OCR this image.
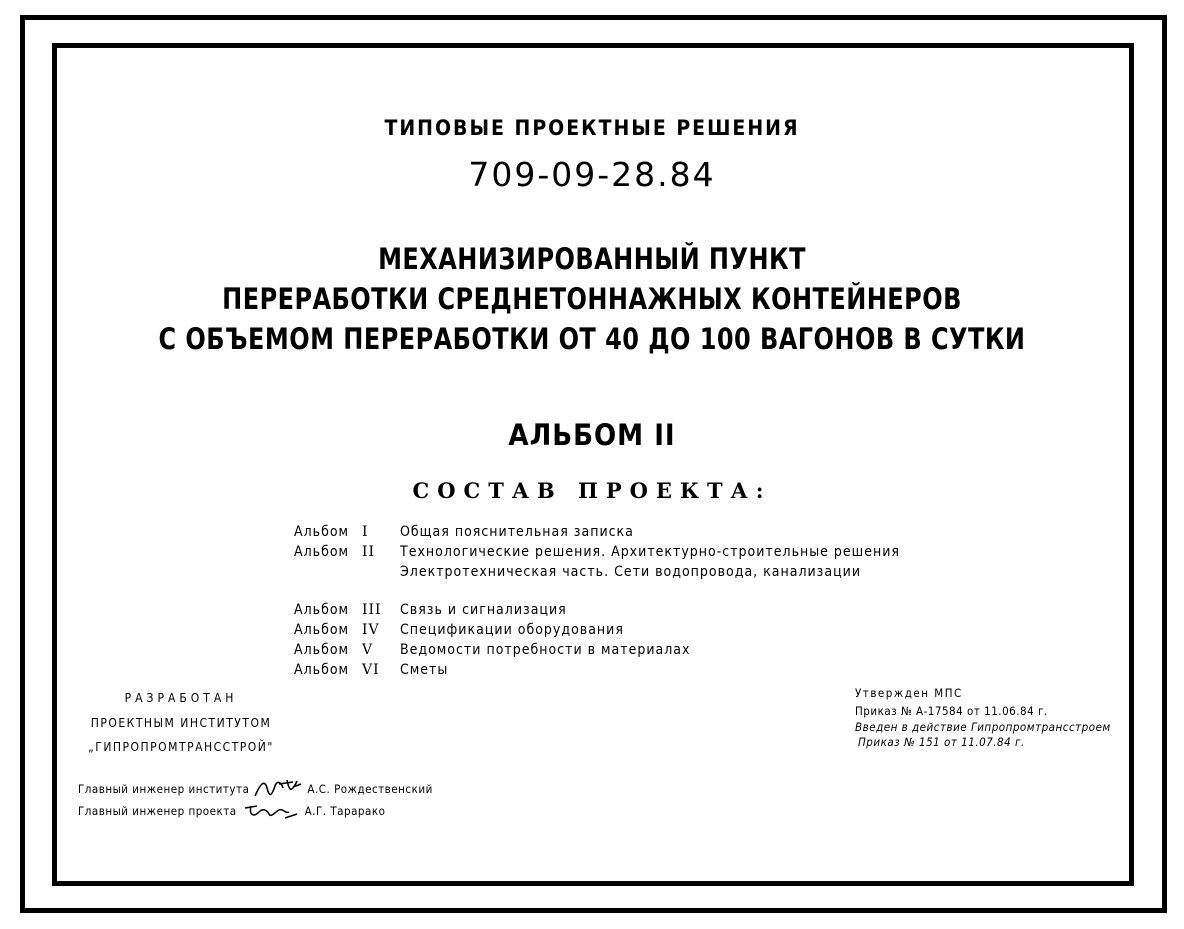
ТИПОВЫЕ ПРОЕКТНЫЕ РЕШЕНИЯ
709-09-28.84
МЕХАНИЗИРОВАННЫЙ ПУНКТ
ПЕРЕРАБОТКИ СРЕДНЕТОННАЖНЫХ КОНТЕЙНЕРОВ
С ОБЪЕМОМ ПЕРЕРАБОТКИ ОТ 40 ДО 100 ВАГОНОВ В СУТКИ
АЛЬБОМ II
СОСТАВ ПРОЕКТА:
Альбом I	Общая пояснительная записка
Альбом II	Технологические решения. Архитектурно-строительные решения
Электротехническая часть. Сети водопровода, канализации
Альбом III	Связь и сигнализация
Альбом IV	Спецификации оборудования
Альбом V	Ведомости потребности в материалах
Альбом VI	Сметы
РАЗРАБОТАН
ПРОЕКТНЫМ ИНСТИТУТОМ
„ГИПРОПРОМТРАНССТРОЙ"
Главный инженер института	А.С. Рождественский
Главный инженер проекта	А.Г. Тарарако
Утвержден МПС
Приказ № А-17584 от 11.06.84 г.
Введен в действие Гипропромтрансстроем
Приказ № 151 от 11.07.84 г.
